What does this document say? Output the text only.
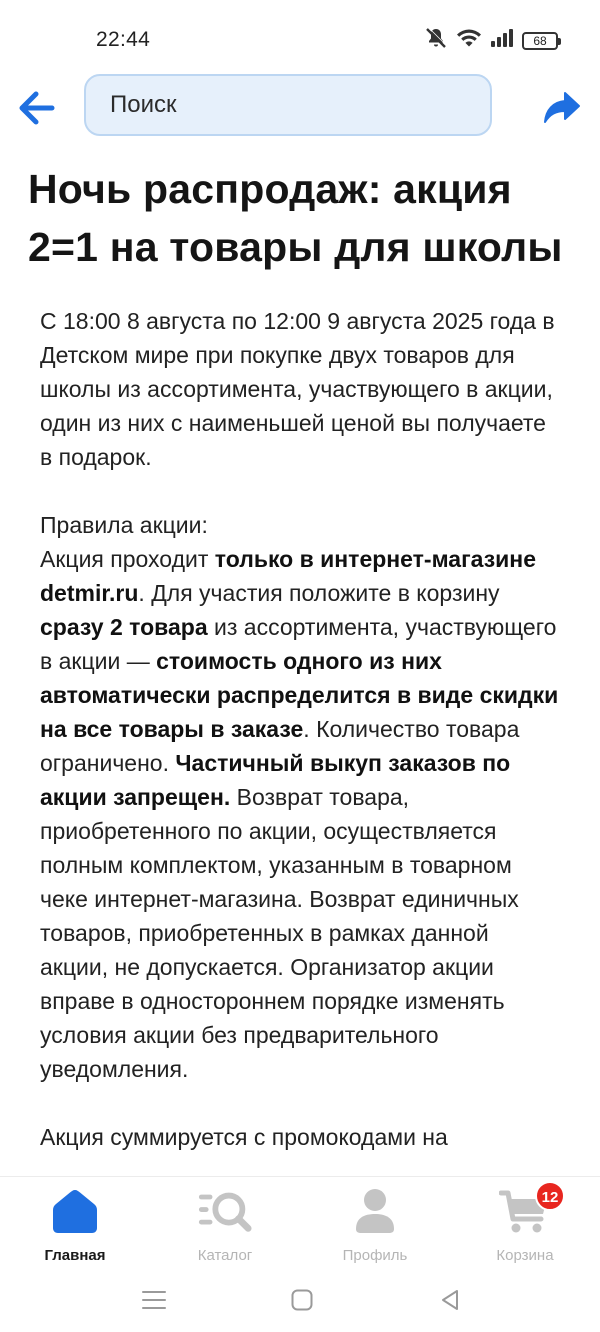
22:44	68
Поиск
Ночь распродаж: акция
2=1 на товары для школы

С 18:00 8 августа по 12:00 9 августа 2025 года в Детском мире при покупке двух товаров для школы из ассортимента, участвующего в акции, один из них с наименьшей ценой вы получаете в подарок.

Правила акции:

Акция проходит только в интернет-магазине detmir.ru. Для участия положите в корзину сразу 2 товара из ассортимента, участвующего в акции — стоимость одного из них автоматически распределится в виде скидки на все товары в заказе. Количество товара ограничено. Частичный выкуп заказов по акции запрещен. Возврат товара, приобретенного по акции, осуществляется полным комплектом, указанным в товарном чеке интернет-магазина. Возврат единичных товаров, приобретенных в рамках данной акции, не допускается. Организатор акции вправе в одностороннем порядке изменять условия акции без предварительного уведомления.

Акция суммируется с промокодами на

Главная	Каталог	Профиль
12
Корзина
